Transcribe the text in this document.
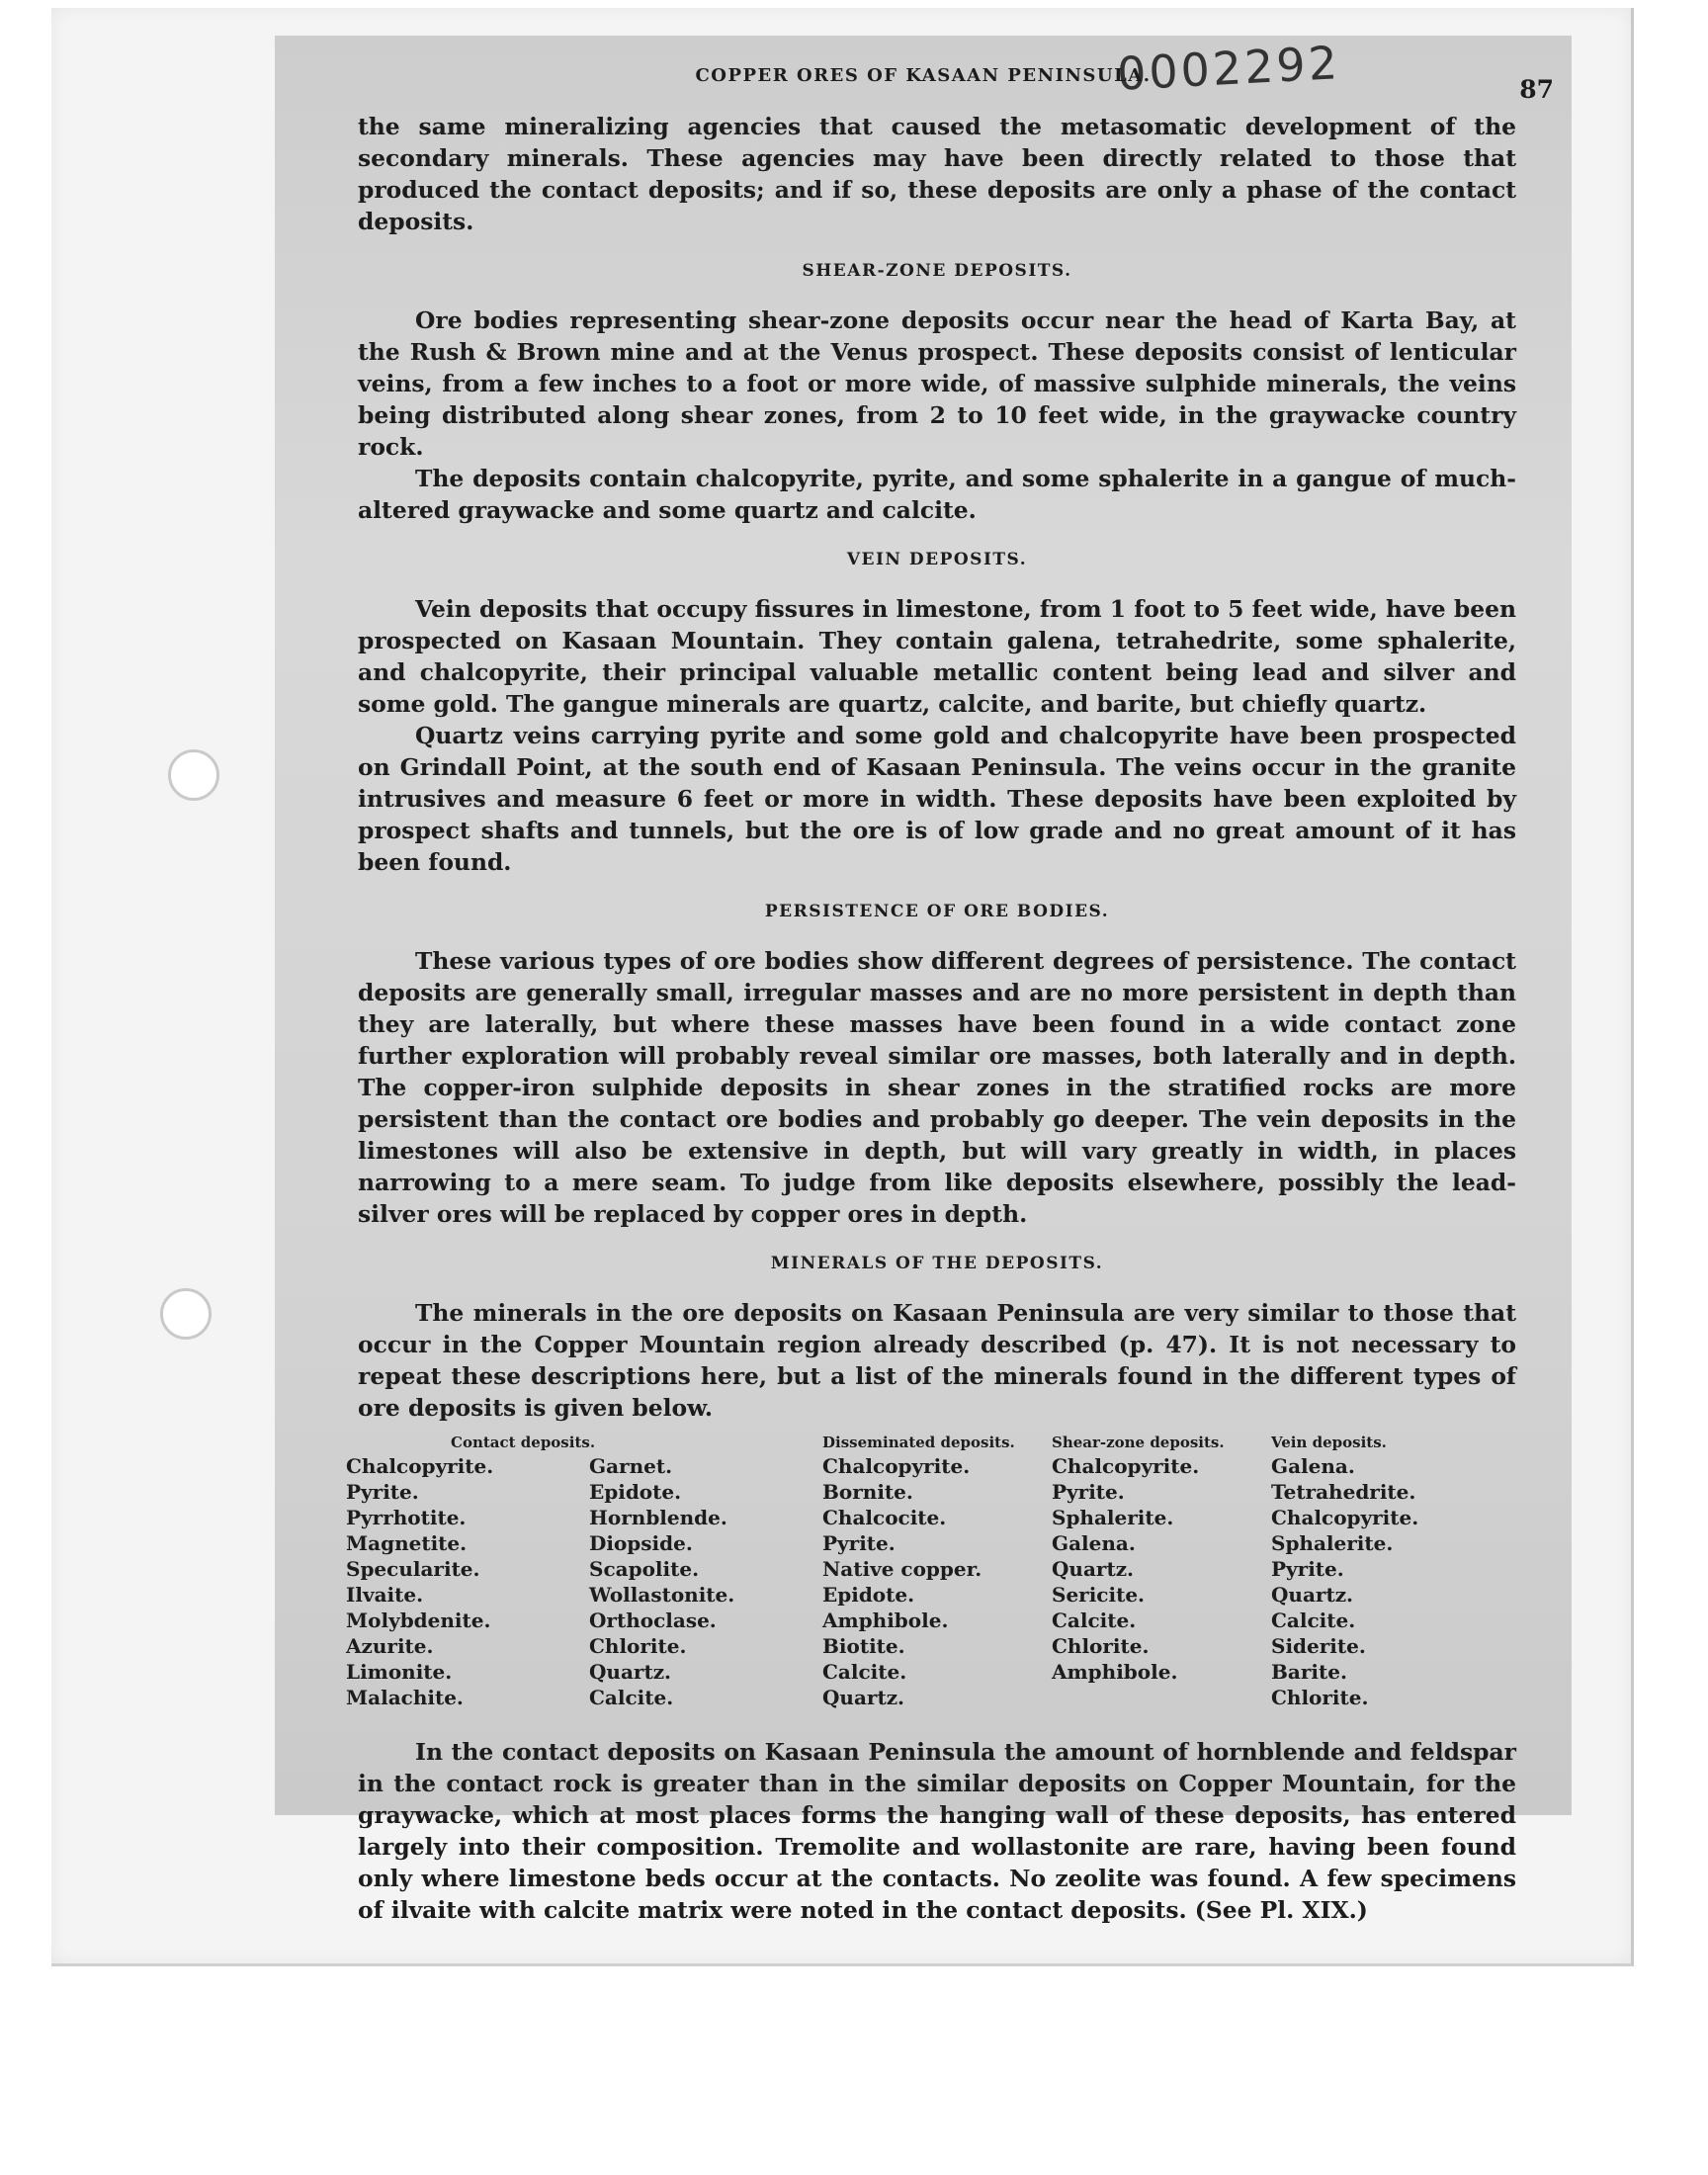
0002292
COPPER ORES OF KASAAN PENINSULA.	87

the same mineralizing agencies that caused the metasomatic development of the secondary minerals. These agencies may have been directly related to those that produced the contact deposits; and if so, these deposits are only a phase of the contact deposits.

SHEAR-ZONE DEPOSITS.

Ore bodies representing shear-zone deposits occur near the head of Karta Bay, at the Rush & Brown mine and at the Venus prospect. These deposits consist of lenticular veins, from a few inches to a foot or more wide, of massive sulphide minerals, the veins being distributed along shear zones, from 2 to 10 feet wide, in the graywacke country rock.

The deposits contain chalcopyrite, pyrite, and some sphalerite in a gangue of much-altered graywacke and some quartz and calcite.

VEIN DEPOSITS.

Vein deposits that occupy fissures in limestone, from 1 foot to 5 feet wide, have been prospected on Kasaan Mountain. They contain galena, tetrahedrite, some sphalerite, and chalcopyrite, their principal valuable metallic content being lead and silver and some gold. The gangue minerals are quartz, calcite, and barite, but chiefly quartz.

Quartz veins carrying pyrite and some gold and chalcopyrite have been prospected on Grindall Point, at the south end of Kasaan Peninsula. The veins occur in the granite intrusives and measure 6 feet or more in width. These deposits have been exploited by prospect shafts and tunnels, but the ore is of low grade and no great amount of it has been found.

PERSISTENCE OF ORE BODIES.

These various types of ore bodies show different degrees of persistence. The contact deposits are generally small, irregular masses and are no more persistent in depth than they are laterally, but where these masses have been found in a wide contact zone further exploration will probably reveal similar ore masses, both laterally and in depth. The copper-iron sulphide deposits in shear zones in the stratified rocks are more persistent than the contact ore bodies and probably go deeper. The vein deposits in the limestones will also be extensive in depth, but will vary greatly in width, in places narrowing to a mere seam. To judge from like deposits elsewhere, possibly the lead-silver ores will be replaced by copper ores in depth.

MINERALS OF THE DEPOSITS.

The minerals in the ore deposits on Kasaan Peninsula are very similar to those that occur in the Copper Mountain region already described (p. 47). It is not necessary to repeat these descriptions here, but a list of the minerals found in the different types of ore deposits is given below.

Contact deposits.
Chalcopyrite.
Pyrite.
Pyrrhotite.
Magnetite.
Specularite.
Ilvaite.
Molybdenite.
Azurite.
Limonite.
Malachite.
Garnet.
Epidote.
Hornblende.
Diopside.
Scapolite.
Wollastonite.
Orthoclase.
Chlorite.
Quartz.
Calcite.
Disseminated deposits.
Chalcopyrite.
Bornite.
Chalcocite.
Pyrite.
Native copper.
Epidote.
Amphibole.
Biotite.
Calcite.
Quartz.
Shear-zone deposits.
Chalcopyrite.
Pyrite.
Sphalerite.
Galena.
Quartz.
Sericite.
Calcite.
Chlorite.
Amphibole.
Vein deposits.
Galena.
Tetrahedrite.
Chalcopyrite.
Sphalerite.
Pyrite.
Quartz.
Calcite.
Siderite.
Barite.
Chlorite.

In the contact deposits on Kasaan Peninsula the amount of hornblende and feldspar in the contact rock is greater than in the similar deposits on Copper Mountain, for the graywacke, which at most places forms the hanging wall of these deposits, has entered largely into their composition. Tremolite and wollastonite are rare, having been found only where limestone beds occur at the contacts. No zeolite was found. A few specimens of ilvaite with calcite matrix were noted in the contact deposits. (See Pl. XIX.)
